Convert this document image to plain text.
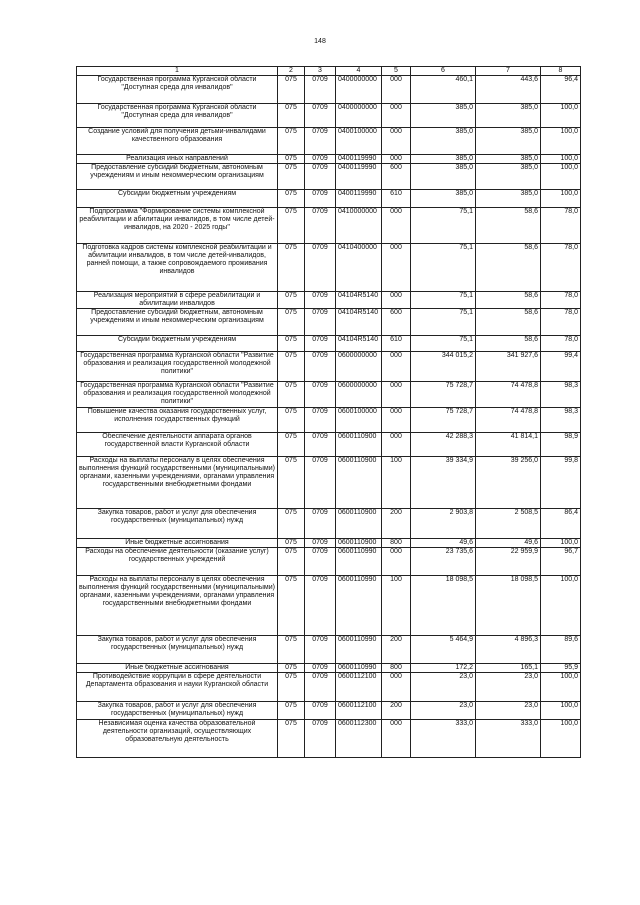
148
1	2	3	4	5	6	7	8
Государственная программа Курганской области "Доступная среда для инвалидов"	075	0709	0400000000	000	460,1	443,6	96,4
Государственная программа Курганской области "Доступная среда для инвалидов"	075	0709	0400000000	000	385,0	385,0	100,0
Создание условий для получения детьми-инвалидами качественного образования	075	0709	0400100000	000	385,0	385,0	100,0
Реализация иных направлений	075	0709	0400119990	000	385,0	385,0	100,0
Предоставление субсидий бюджетным, автономным учреждениям и иным некоммерческим организациям	075	0709	0400119990	600	385,0	385,0	100,0
Субсидии бюджетным учреждениям	075	0709	0400119990	610	385,0	385,0	100,0
Подпрограмма "Формирование системы комплексной реабилитации и абилитации инвалидов, в том числе детей-инвалидов, на 2020 - 2025 годы"	075	0709	0410000000	000	75,1	58,6	78,0
Подготовка кадров системы комплексной реабилитации и абилитации инвалидов, в том числе детей-инвалидов, ранней помощи, а также сопровождаемого проживания инвалидов	075	0709	0410400000	000	75,1	58,6	78,0
Реализация мероприятий в сфере реабилитации и абилитации инвалидов	075	0709	04104R5140	000	75,1	58,6	78,0
Предоставление субсидий бюджетным, автономным учреждениям и иным некоммерческим организациям	075	0709	04104R5140	600	75,1	58,6	78,0
Субсидии бюджетным учреждениям	075	0709	04104R5140	610	75,1	58,6	78,0
Государственная программа Курганской области "Развитие образования и реализация государственной молодежной политики"	075	0709	0600000000	000	344 015,2	341 927,6	99,4
Государственная программа Курганской области "Развитие образования и реализация государственной молодежной политики"	075	0709	0600000000	000	75 728,7	74 478,8	98,3
Повышение качества оказания государственных услуг, исполнения государственных функций	075	0709	0600100000	000	75 728,7	74 478,8	98,3
Обеспечение деятельности аппарата органов государственной власти Курганской области	075	0709	0600110900	000	42 288,3	41 814,1	98,9
Расходы на выплаты персоналу в целях обеспечения выполнения функций государственными (муниципальными) органами, казенными учреждениями, органами управления государственными внебюджетными фондами	075	0709	0600110900	100	39 334,9	39 256,0	99,8
Закупка товаров, работ и услуг для обеспечения государственных (муниципальных) нужд	075	0709	0600110900	200	2 903,8	2 508,5	86,4
Иные бюджетные ассигнования	075	0709	0600110900	800	49,6	49,6	100,0
Расходы на обеспечение деятельности (оказание услуг) государственных учреждений	075	0709	0600110990	000	23 735,6	22 959,9	96,7
Расходы на выплаты персоналу в целях обеспечения выполнения функций государственными (муниципальными) органами, казенными учреждениями, органами управления государственными внебюджетными фондами	075	0709	0600110990	100	18 098,5	18 098,5	100,0
Закупка товаров, работ и услуг для обеспечения государственных (муниципальных) нужд	075	0709	0600110990	200	5 464,9	4 896,3	89,6
Иные бюджетные ассигнования	075	0709	0600110990	800	172,2	165,1	95,9
Противодействие коррупции в сфере деятельности Департамента образования и науки Курганской области	075	0709	0600112100	000	23,0	23,0	100,0
Закупка товаров, работ и услуг для обеспечения государственных (муниципальных) нужд	075	0709	0600112100	200	23,0	23,0	100,0
Независимая оценка качества образовательной деятельности организаций, осуществляющих образовательную деятельность	075	0709	0600112300	000	333,0	333,0	100,0
